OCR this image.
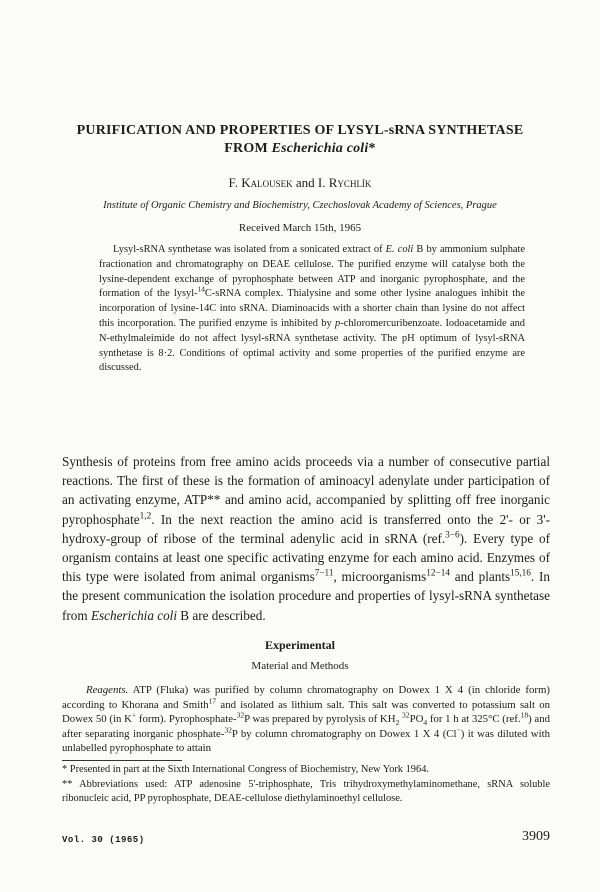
PURIFICATION AND PROPERTIES OF LYSYL-sRNA SYNTHETASE
FROM Escherichia coli*
F. Kalousek and I. Rychlík
Institute of Organic Chemistry and Biochemistry, Czechoslovak Academy of Sciences, Prague
Received March 15th, 1965

Lysyl-sRNA synthetase was isolated from a sonicated extract of E. coli B by ammonium sulphate fractionation and chromatography on DEAE cellulose. The purified enzyme will catalyse both the lysine-dependent exchange of pyrophosphate between ATP and inorganic pyrophosphate, and the formation of the lysyl-$^{14}$C-sRNA complex. Thialysine and some other lysine analogues inhibit the incorporation of lysine-14C into sRNA. Diaminoacids with a shorter chain than lysine do not affect this incorporation. The purified enzyme is inhibited by p-chloromercuribenzoate. Iodoacetamide and N-ethylmaleimide do not affect lysyl-sRNA synthetase activity. The pH optimum of lysyl-sRNA synthetase is 8·2. Conditions of optimal activity and some properties of the purified enzyme are discussed.

Synthesis of proteins from free amino acids proceeds via a number of consecutive partial reactions. The first of these is the formation of aminoacyl adenylate under participation of an activating enzyme, ATP** and amino acid, accompanied by splitting off free inorganic pyrophosphate$^{1,2}$. In the next reaction the amino acid is transferred onto the 2'- or 3'-hydroxy-group of ribose of the terminal adenylic acid in sRNA (ref.$^{3-6}$). Every type of organism contains at least one specific activating enzyme for each amino acid. Enzymes of this type were isolated from animal organisms$^{7-11}$, microorganisms$^{12-14}$ and plants$^{15,16}$. In the present communication the isolation procedure and properties of lysyl-sRNA synthetase from Escherichia coli B are described.

Experimental
Material and Methods

Reagents. ATP (Fluka) was purified by column chromatography on Dowex 1 X 4 (in chloride form) according to Khorana and Smith$^{17}$ and isolated as lithium salt. This salt was converted to potassium salt on Dowex 50 (in K+ form). Pyrophosphate-$^{32}$P was prepared by pyrolysis of $KH_2$ $^{32}PO_4$ for 1 h at 325°C (ref.$^{18}$) and after separating inorganic phosphate-$^{32}$P by column chromatography on Dowex 1 X 4 (Cl−) it was diluted with unlabelled pyrophosphate to attain

* Presented in part at the Sixth International Congress of Biochemistry, New York 1964.

** Abbreviations used: ATP adenosine 5'-triphosphate, Tris trihydroxymethylaminomethane, sRNA soluble ribonucleic acid, PP pyrophosphate, DEAE-cellulose diethylaminoethyl cellulose.

Vol. 30 (1965)	3909
